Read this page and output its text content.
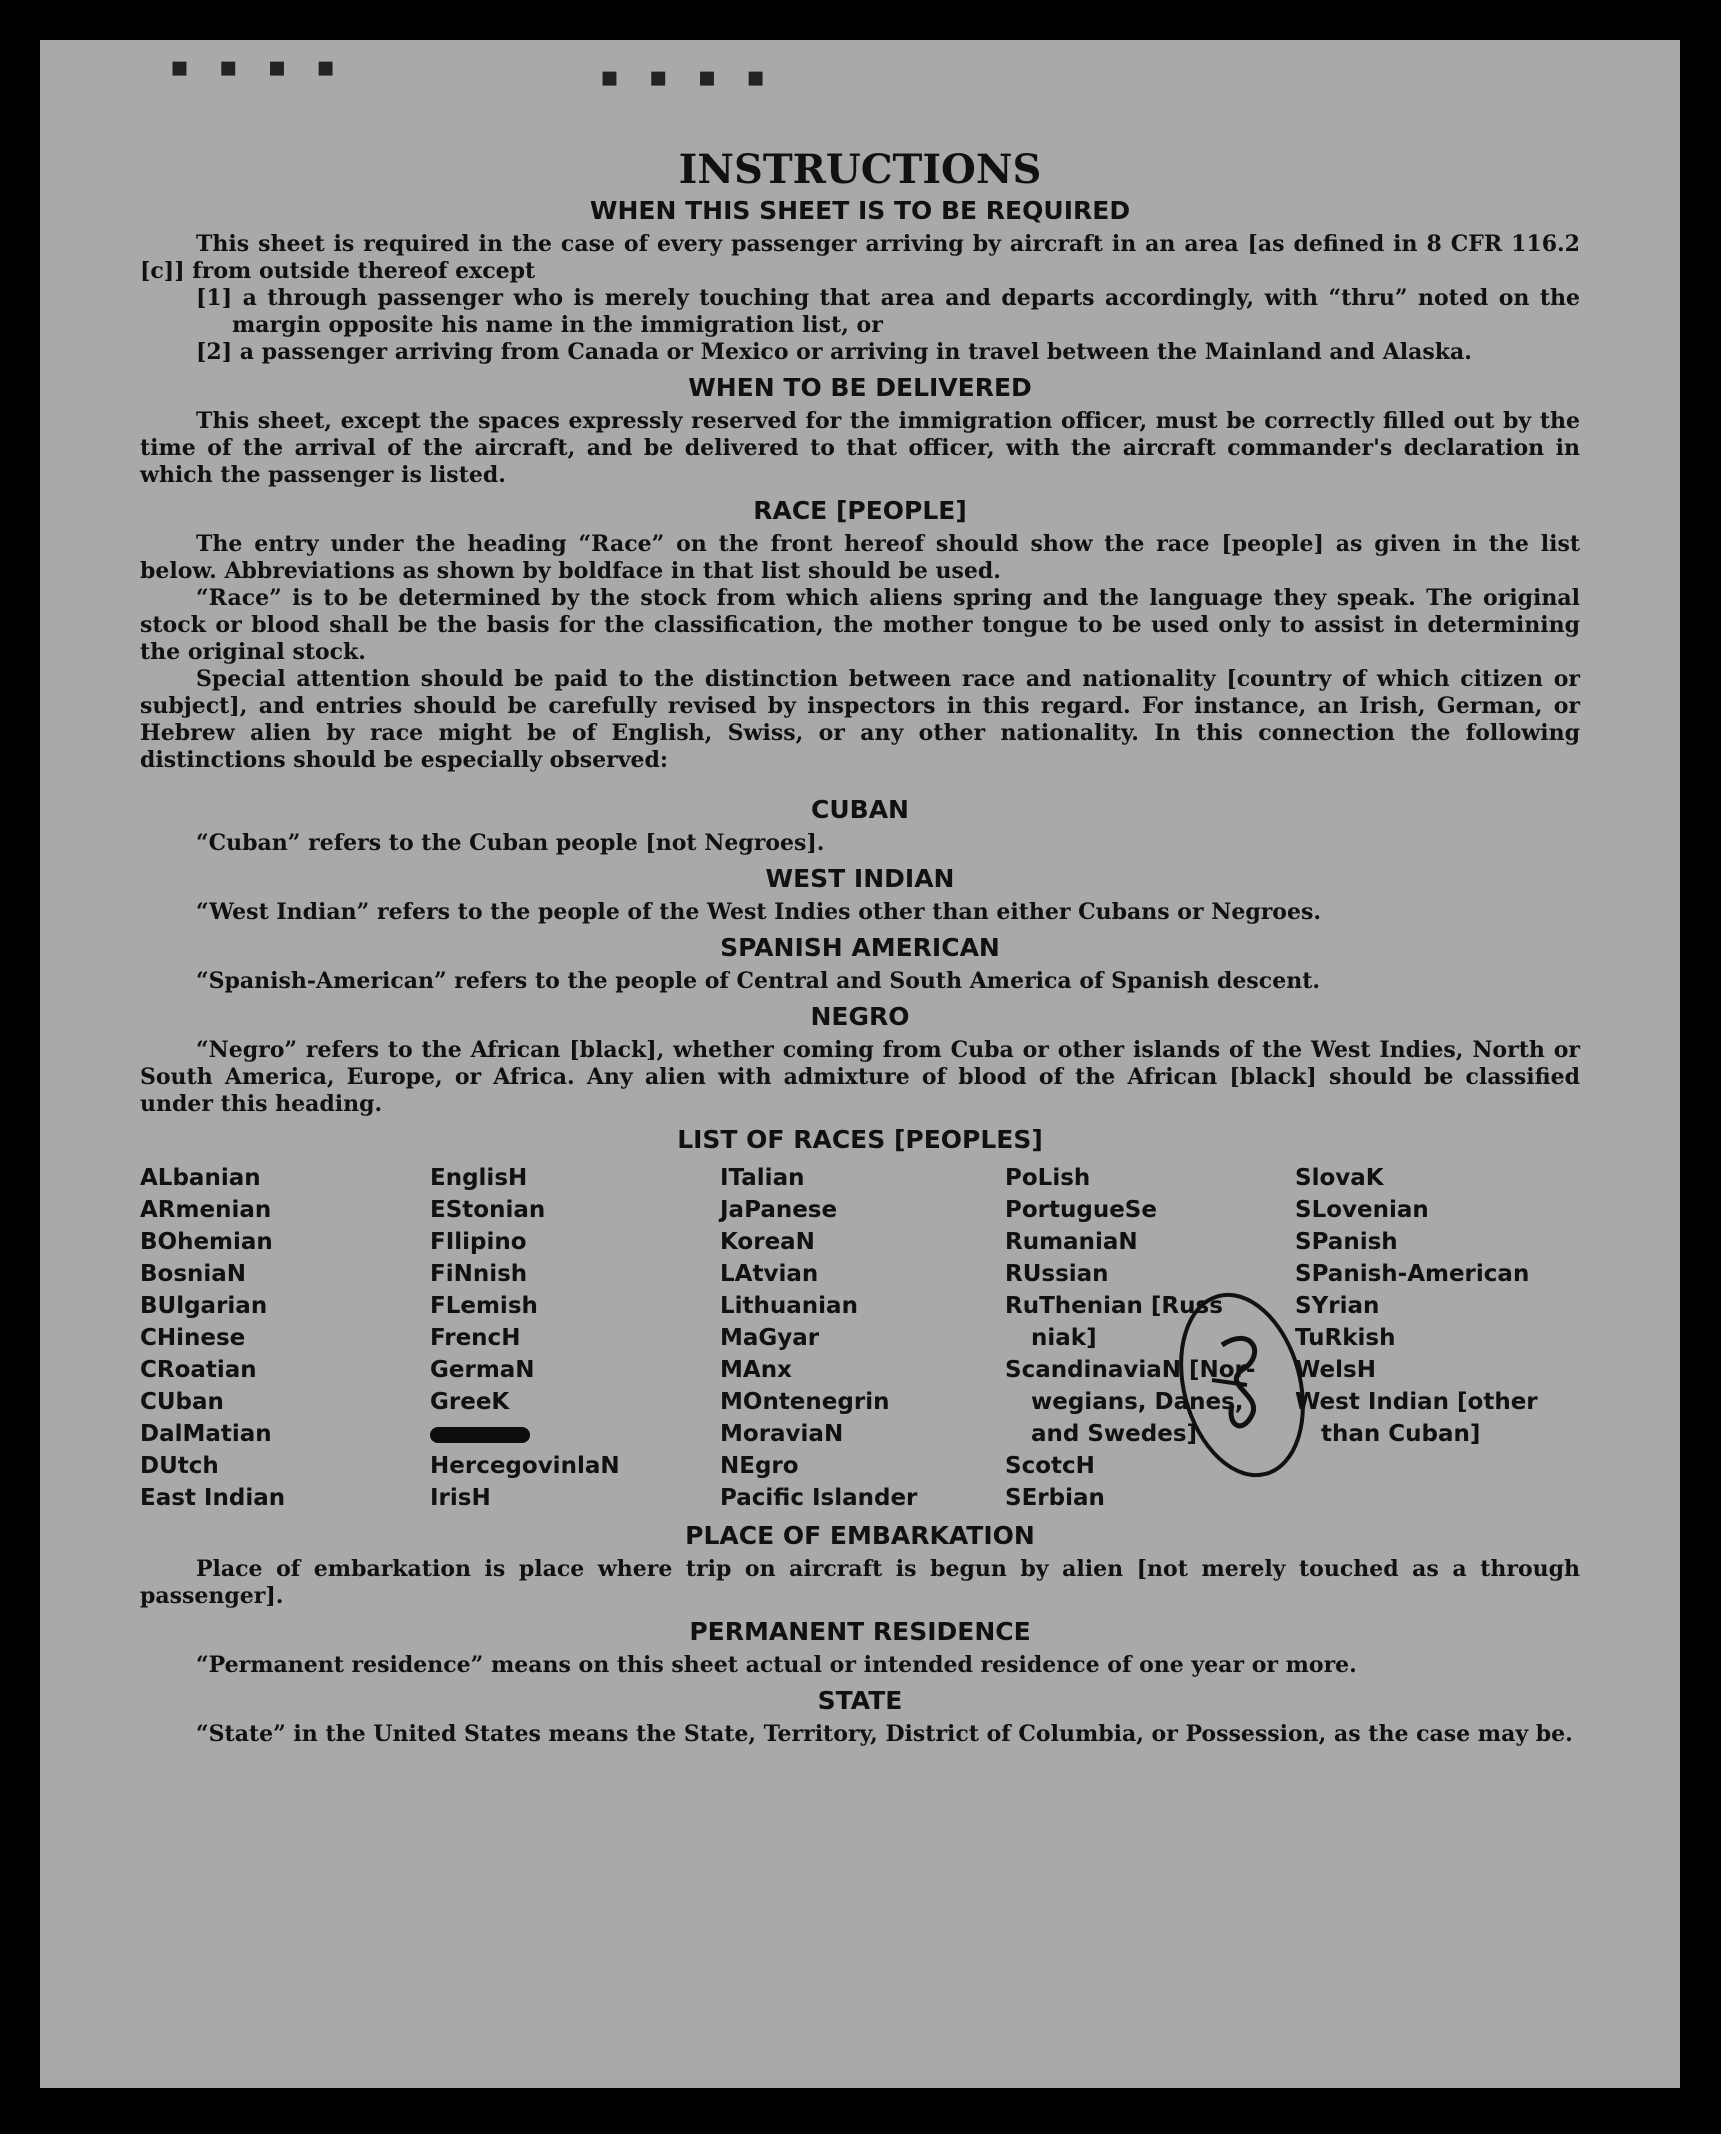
▪ ▪ ▪ ▪	▪ ▪ ▪ ▪
INSTRUCTIONS
WHEN THIS SHEET IS TO BE REQUIRED

This sheet is required in the case of every passenger arriving by aircraft in an area [as defined in 8 CFR 116.2 [c]] from outside thereof except

[1] a through passenger who is merely touching that area and departs accordingly, with “thru” noted on the margin opposite his name in the immigration list, or

[2] a passenger arriving from Canada or Mexico or arriving in travel between the Mainland and Alaska.

WHEN TO BE DELIVERED

This sheet, except the spaces expressly reserved for the immigration officer, must be correctly filled out by the time of the arrival of the aircraft, and be delivered to that officer, with the aircraft commander's declaration in which the passenger is listed.

RACE [PEOPLE]

The entry under the heading “Race” on the front hereof should show the race [people] as given in the list below. Abbreviations as shown by boldface in that list should be used.

“Race” is to be determined by the stock from which aliens spring and the language they speak. The original stock or blood shall be the basis for the classification, the mother tongue to be used only to assist in determining the original stock.

Special attention should be paid to the distinction between race and nationality [country of which citizen or subject], and entries should be carefully revised by inspectors in this regard. For instance, an Irish, German, or Hebrew alien by race might be of English, Swiss, or any other nationality. In this connection the following distinctions should be especially observed:

CUBAN

“Cuban” refers to the Cuban people [not Negroes].

WEST INDIAN

“West Indian” refers to the people of the West Indies other than either Cubans or Negroes.

SPANISH AMERICAN

“Spanish-American” refers to the people of Central and South America of Spanish descent.

NEGRO

“Negro” refers to the African [black], whether coming from Cuba or other islands of the West Indies, North or South America, Europe, or Africa. Any alien with admixture of blood of the African [black] should be classified under this heading.

LIST OF RACES [PEOPLES]
ALbanian
ARmenian
BOhemian
BosniaN
BUlgarian
CHinese
CRoatian
CUban
DalMatian
DUtch
East Indian
EnglisH
EStonian
FIlipino
FiNnish
FLemish
FrencH
GermaN
GreeK
HercegovinlaN
IrisH
ITalian
JaPanese
KoreaN
LAtvian
Lithuanian
MaGyar
MAnx
MOntenegrin
MoraviaN
NEgro
Pacific Islander
PoLish
PortugueSe
RumaniaN
RUssian
RuThenian [Russ
niak]
ScandinaviaN [Nor-
wegians, Danes,
and Swedes]
ScotcH
SErbian
SlovaK
SLovenian
SPanish
SPanish-American
SYrian
TuRkish
WelsH
West Indian [other
than Cuban]
PLACE OF EMBARKATION

Place of embarkation is place where trip on aircraft is begun by alien [not merely touched as a through passenger].

PERMANENT RESIDENCE

“Permanent residence” means on this sheet actual or intended residence of one year or more.

STATE

“State” in the United States means the State, Territory, District of Columbia, or Possession, as the case may be.
